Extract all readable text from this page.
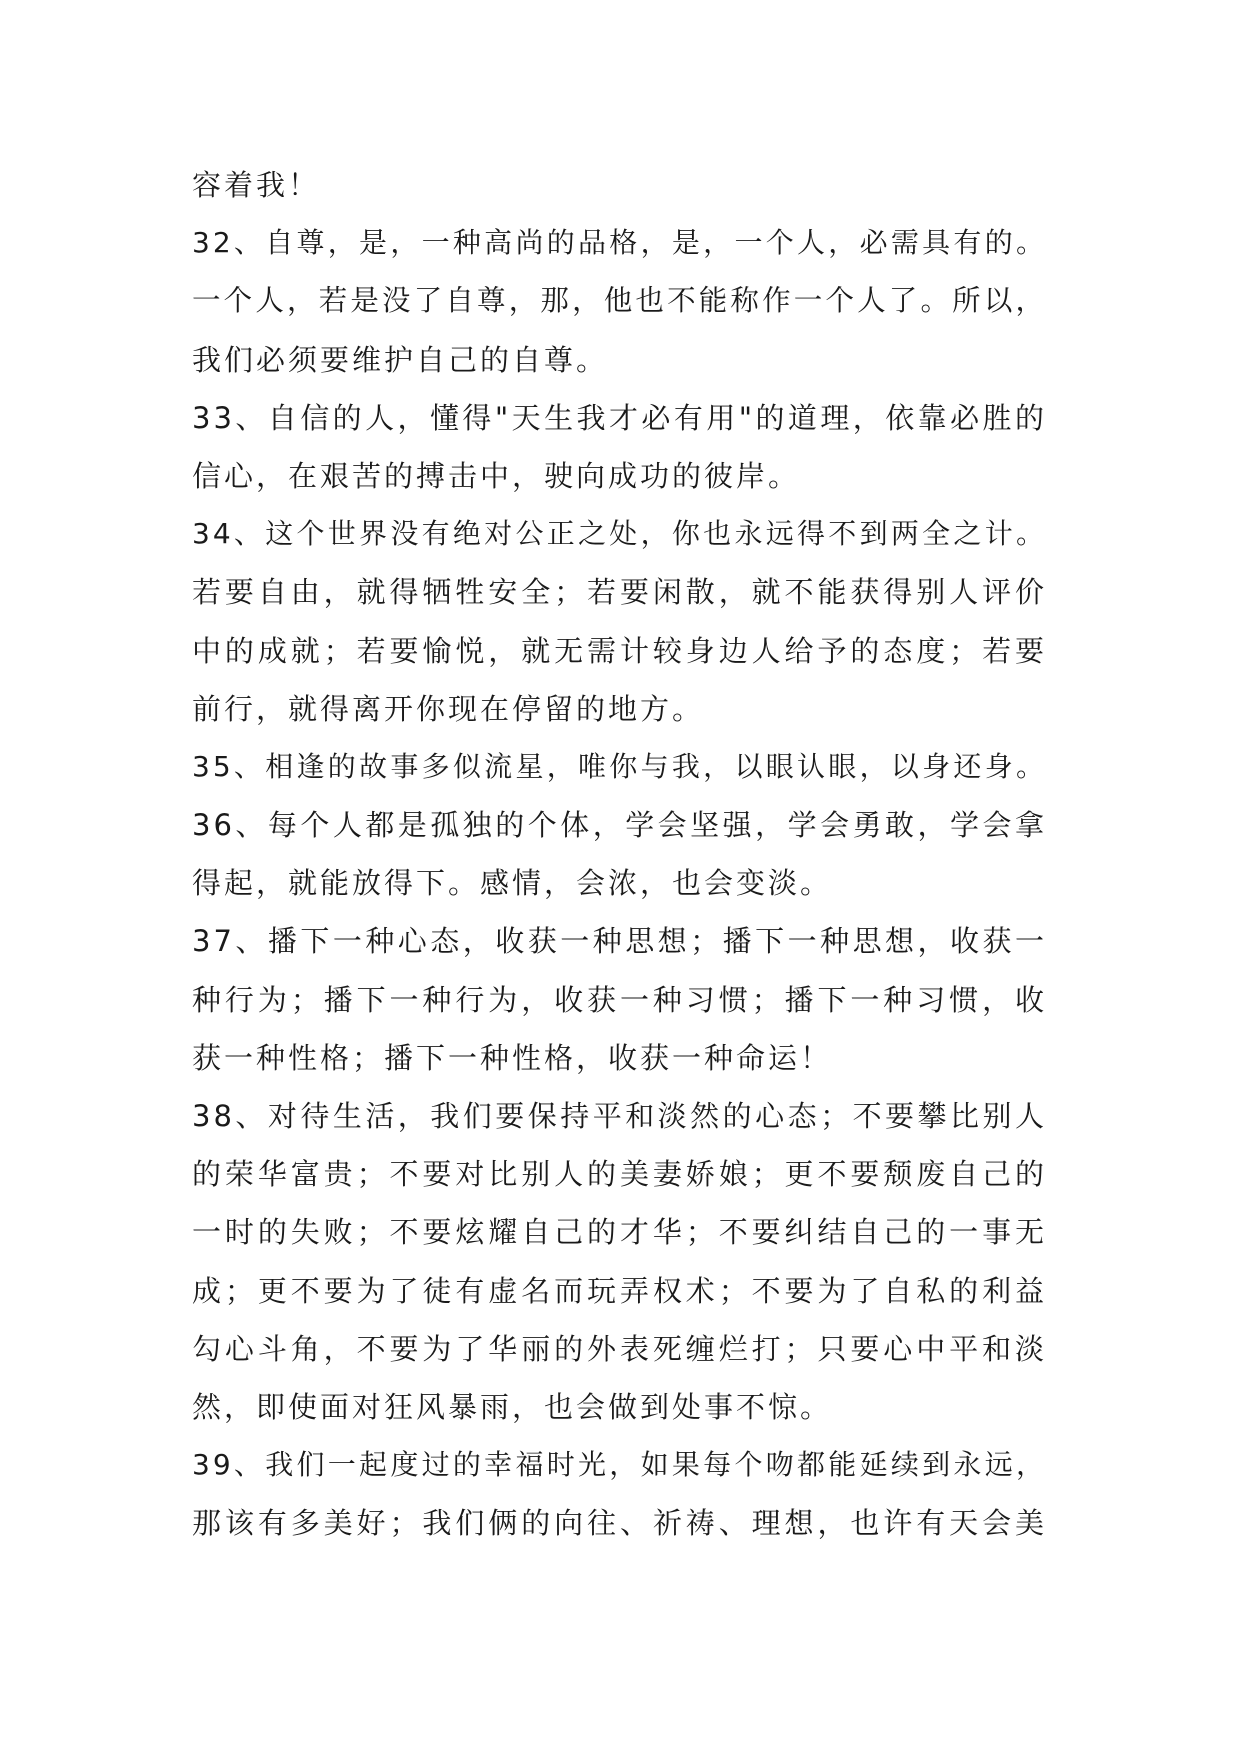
容着我！
32、自尊，是，一种高尚的品格，是，一个人，必需具有的。
一个人，若是没了自尊，那，他也不能称作一个人了。所以，
我们必须要维护自己的自尊。
33、自信的人，懂得"天生我才必有用"的道理，依靠必胜的
信心，在艰苦的搏击中，驶向成功的彼岸。
34、这个世界没有绝对公正之处，你也永远得不到两全之计。
若要自由，就得牺牲安全；若要闲散，就不能获得别人评价
中的成就；若要愉悦，就无需计较身边人给予的态度；若要
前行，就得离开你现在停留的地方。
35、相逢的故事多似流星，唯你与我，以眼认眼，以身还身。
36、每个人都是孤独的个体，学会坚强，学会勇敢，学会拿
得起，就能放得下。感情，会浓，也会变淡。
37、播下一种心态，收获一种思想；播下一种思想，收获一
种行为；播下一种行为，收获一种习惯；播下一种习惯，收
获一种性格；播下一种性格，收获一种命运！
38、对待生活，我们要保持平和淡然的心态；不要攀比别人
的荣华富贵；不要对比别人的美妻娇娘；更不要颓废自己的
一时的失败；不要炫耀自己的才华；不要纠结自己的一事无
成；更不要为了徒有虚名而玩弄权术；不要为了自私的利益
勾心斗角，不要为了华丽的外表死缠烂打；只要心中平和淡
然，即使面对狂风暴雨，也会做到处事不惊。
39、我们一起度过的幸福时光，如果每个吻都能延续到永远，
那该有多美好；我们俩的向往、祈祷、理想，也许有天会美
